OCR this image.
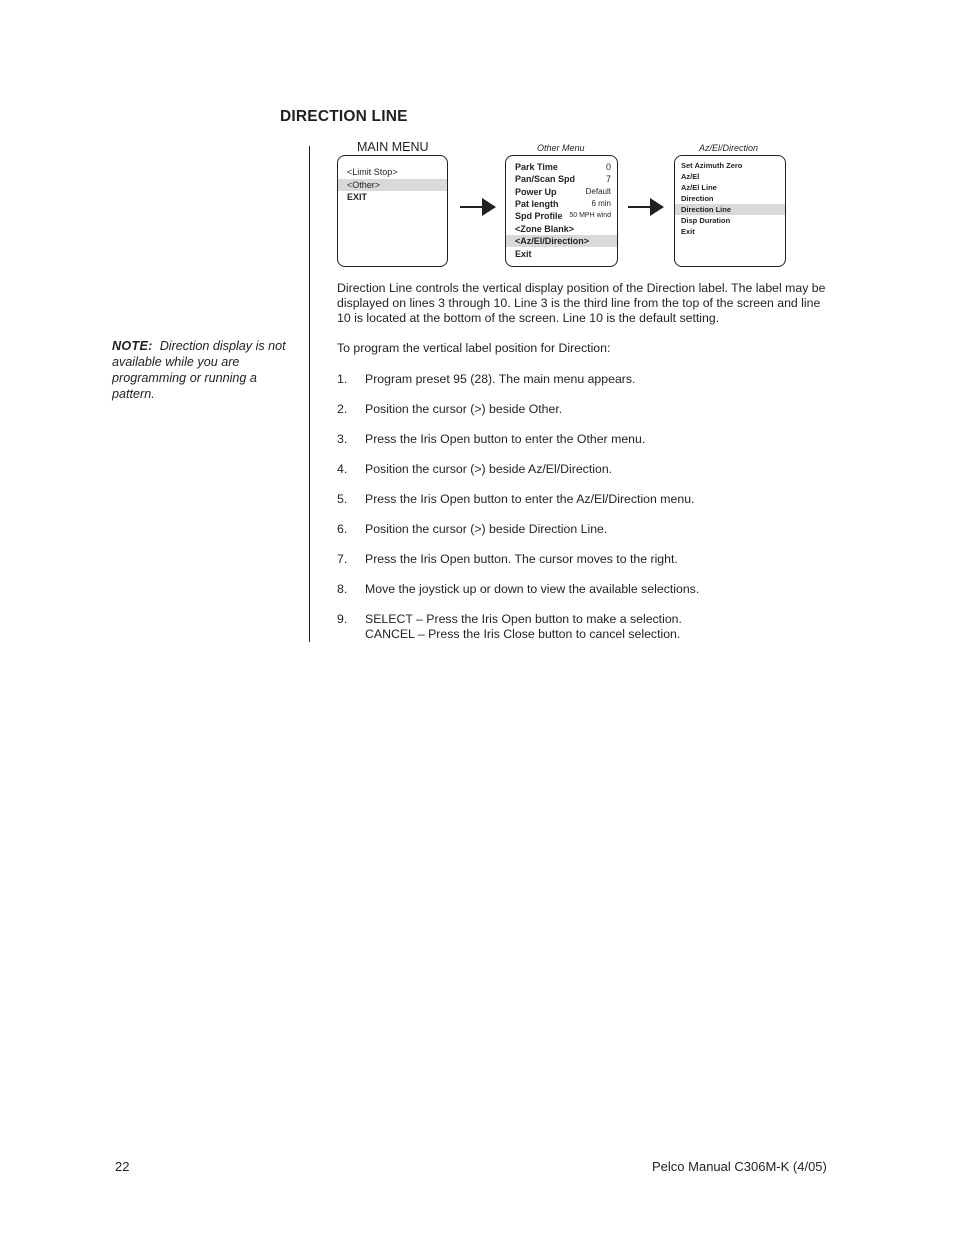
DIRECTION LINE
MAIN MENU
<Limit Stop>
<Other>
EXIT
Other Menu
Park Time	0
Pan/Scan Spd	7
Power Up	Default
Pat length	6 min
Spd Profile 50 MPH wind
<Zone Blank>
<Az/El/Direction>
Exit
Az/El/Direction
Set Azimuth Zero
Az/El
Az/El Line
Direction
Direction Line
Disp Duration
Exit
Direction Line controls the vertical display position of the Direction label. The label may be
displayed on lines 3 through 10. Line 3 is the third line from the top of the screen and line
10 is located at the bottom of the screen. Line 10 is the default setting.
To program the vertical label position for Direction:
1. Program preset 95 (28). The main menu appears.
2. Position the cursor (>) beside Other.
3. Press the Iris Open button to enter the Other menu.
4. Position the cursor (>) beside Az/El/Direction.
5. Press the Iris Open button to enter the Az/El/Direction menu.
6. Position the cursor (>) beside Direction Line.
7. Press the Iris Open button. The cursor moves to the right.
8. Move the joystick up or down to view the available selections.
9. SELECT – Press the Iris Open button to make a selection.
CANCEL – Press the Iris Close button to cancel selection.
NOTE: Direction display is not available while you are programming or running a pattern.
22	Pelco Manual C306M-K (4/05)
